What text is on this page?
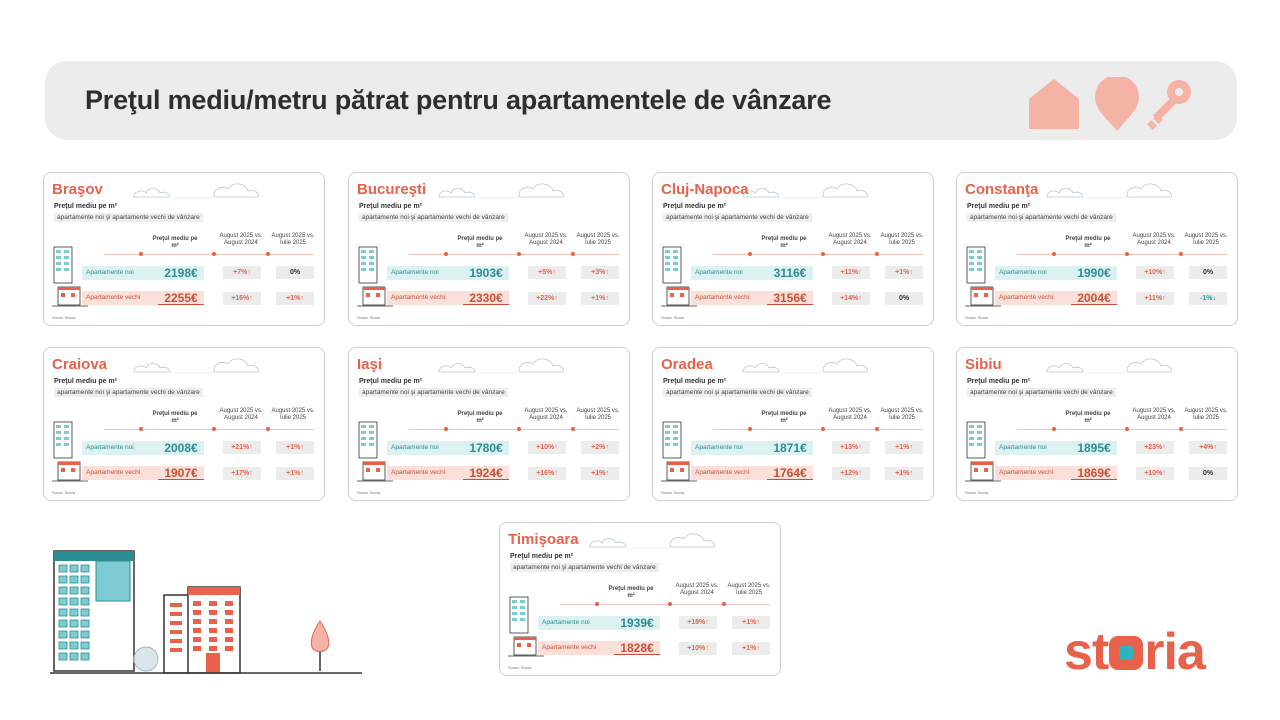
Preţul mediu/metru pătrat pentru apartamentele de vânzare
Braşov
Preţul mediu pe m²
apartamente noi şi apartamente vechi de vânzare
Preţul mediu pe m²
August 2025 vs. August 2024
August 2025 vs. Iulie 2025
Apartamente noi	2198€	+7%↑	0%
Apartamente vechi	2255€	+16%↑	+1%↑
Sursa: Storia
Bucureşti
Preţul mediu pe m²
apartamente noi şi apartamente vechi de vânzare
Preţul mediu pe m²
August 2025 vs. August 2024
August 2025 vs. Iulie 2025
Apartamente noi	1903€	+5%↑	+3%↑
Apartamente vechi	2330€	+22%↑	+1%↑
Sursa: Storia
Cluj-Napoca
Preţul mediu pe m²
apartamente noi şi apartamente vechi de vânzare
Preţul mediu pe m²
August 2025 vs. August 2024
August 2025 vs. Iulie 2025
Apartamente noi	3116€	+11%↑	+1%↑
Apartamente vechi	3156€	+14%↑	0%
Sursa: Storia
Constanţa
Preţul mediu pe m²
apartamente noi şi apartamente vechi de vânzare
Preţul mediu pe m²
August 2025 vs. August 2024
August 2025 vs. Iulie 2025
Apartamente noi	1990€	+10%↑	0%
Apartamente vechi	2004€	+11%↑	-1%↓
Sursa: Storia
Craiova
Preţul mediu pe m²
apartamente noi şi apartamente vechi de vânzare
Preţul mediu pe m²
August 2025 vs. August 2024
August 2025 vs. Iulie 2025
Apartamente noi	2008€	+21%↑	+1%↑
Apartamente vechi	1907€	+17%↑	+1%↑
Sursa: Storia
Iaşi
Preţul mediu pe m²
apartamente noi şi apartamente vechi de vânzare
Preţul mediu pe m²
August 2025 vs. August 2024
August 2025 vs. Iulie 2025
Apartamente noi	1780€	+10%↑	+2%↑
Apartamente vechi	1924€	+16%↑	+1%↑
Sursa: Storia
Oradea
Preţul mediu pe m²
apartamente noi şi apartamente vechi de vânzare
Preţul mediu pe m²
August 2025 vs. August 2024
August 2025 vs. Iulie 2025
Apartamente noi	1871€	+13%↑	+1%↑
Apartamente vechi	1764€	+12%↑	+1%↑
Sursa: Storia
Sibiu
Preţul mediu pe m²
apartamente noi şi apartamente vechi de vânzare
Preţul mediu pe m²
August 2025 vs. August 2024
August 2025 vs. Iulie 2025
Apartamente noi	1895€	+23%↑	+4%↑
Apartamente vechi	1869€	+10%↑	0%
Sursa: Storia
Timişoara
Preţul mediu pe m²
apartamente noi şi apartamente vechi de vânzare
Preţul mediu pe m²
August 2025 vs. August 2024
August 2025 vs. Iulie 2025
Apartamente noi	1939€	+18%↑	+1%↑
Apartamente vechi	1828€	+10%↑	+1%↑
Sursa: Storia	st ria
